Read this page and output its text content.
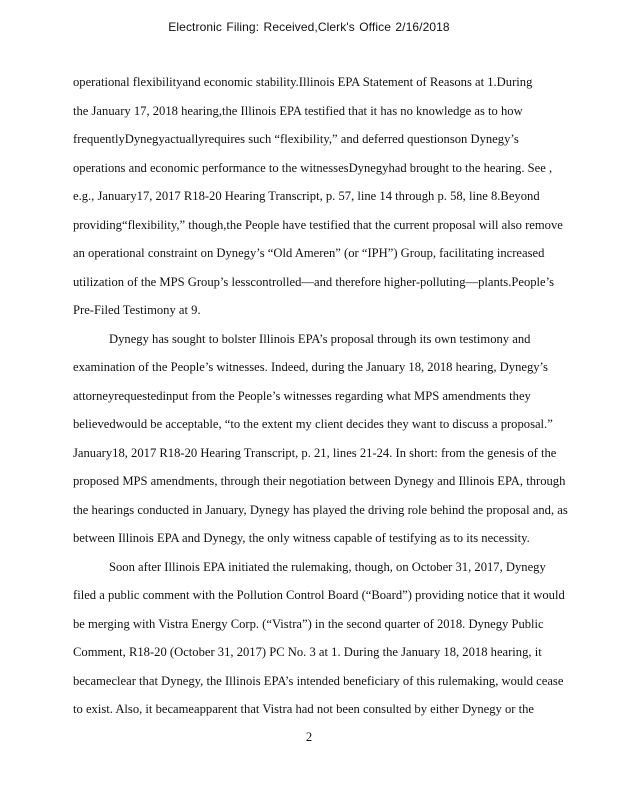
Electronic Filing: Received,Clerk's Office 2/16/2018
operational flexibilityand economic stability.Illinois EPA Statement of Reasons at 1.During
the January 17, 2018 hearing,the Illinois EPA testified that it has no knowledge as to how
frequentlyDynegyactuallyrequires such “flexibility,” and deferred questionson Dynegy’s
operations and economic performance to the witnessesDynegyhad brought to the hearing. See ,
e.g., January17, 2017 R18-20 Hearing Transcript, p. 57, line 14 through p. 58, line 8.Beyond
providing“flexibility,” though,the People have testified that the current proposal will also remove
an operational constraint on Dynegy’s “Old Ameren” (or “IPH”) Group, facilitating increased
utilization of the MPS Group’s lesscontrolled—and therefore higher-polluting—plants.People’s
Pre-Filed Testimony at 9.
Dynegy has sought to bolster Illinois EPA’s proposal through its own testimony and
examination of the People’s witnesses. Indeed, during the January 18, 2018 hearing, Dynegy’s
attorneyrequestedinput from the People’s witnesses regarding what MPS amendments they
believedwould be acceptable, “to the extent my client decides they want to discuss a proposal.”
January18, 2017 R18-20 Hearing Transcript, p. 21, lines 21-24. In short: from the genesis of the
proposed MPS amendments, through their negotiation between Dynegy and Illinois EPA, through
the hearings conducted in January, Dynegy has played the driving role behind the proposal and, as
between Illinois EPA and Dynegy, the only witness capable of testifying as to its necessity.
Soon after Illinois EPA initiated the rulemaking, though, on October 31, 2017, Dynegy
filed a public comment with the Pollution Control Board (“Board”) providing notice that it would
be merging with Vistra Energy Corp. (“Vistra”) in the second quarter of 2018. Dynegy Public
Comment, R18-20 (October 31, 2017) PC No. 3 at 1. During the January 18, 2018 hearing, it
becameclear that Dynegy, the Illinois EPA’s intended beneficiary of this rulemaking, would cease
to exist. Also, it becameapparent that Vistra had not been consulted by either Dynegy or the
2
